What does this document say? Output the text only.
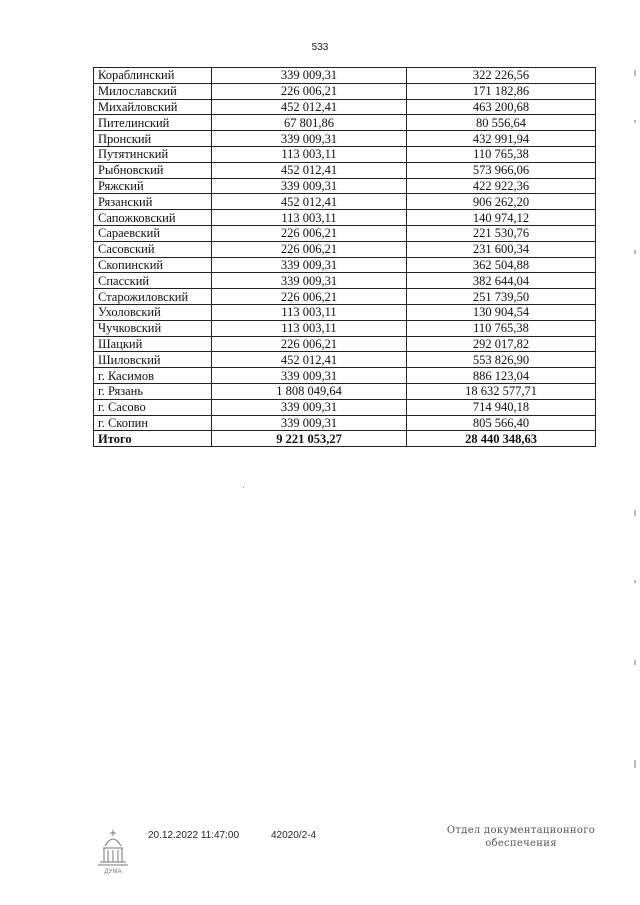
533
Кораблинский	339 009,31	322 226,56
Милославский	226 006,21	171 182,86
Михайловский	452 012,41	463 200,68
Пителинский	67 801,86	80 556,64
Пронский	339 009,31	432 991,94
Путятинский	113 003,11	110 765,38
Рыбновский	452 012,41	573 966,06
Ряжский	339 009,31	422 922,36
Рязанский	452 012,41	906 262,20
Сапожковский	113 003,11	140 974,12
Сараевский	226 006,21	221 530,76
Сасовский	226 006,21	231 600,34
Скопинский	339 009,31	362 504,88
Спасский	339 009,31	382 644,04
Старожиловский	226 006,21	251 739,50
Ухоловский	113 003,11	130 904,54
Чучковский	113 003,11	110 765,38
Шацкий	226 006,21	292 017,82
Шиловский	452 012,41	553 826,90
г. Касимов	339 009,31	886 123,04
г. Рязань	1 808 049,64	18 632 577,71
г. Сасово	339 009,31	714 940,18
г. Скопин	339 009,31	805 566,40
Итого	9 221 053,27	28 440 348,63
ДУМА
20.12.2022 11:47:00	42020/2-4	Отдел документационного
обеспечения
